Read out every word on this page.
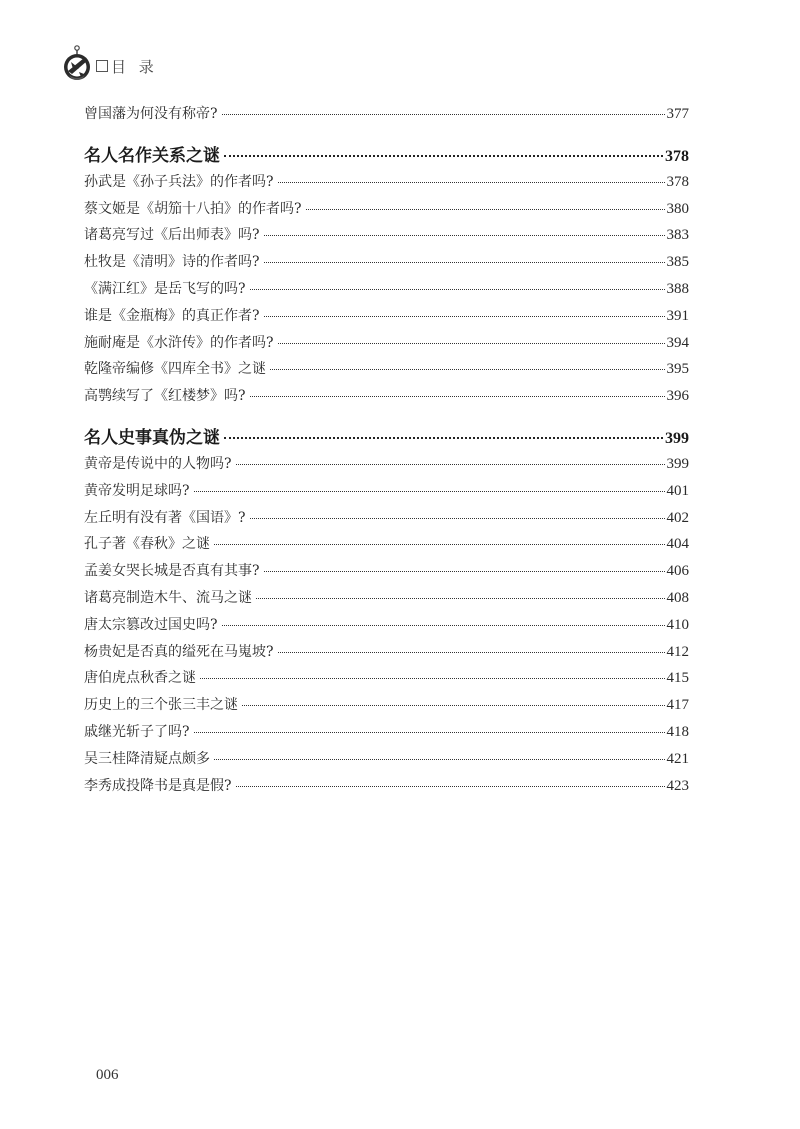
目 录
曾国藩为何没有称帝?	377
名人名作关系之谜	378
孙武是《孙子兵法》的作者吗?	378
蔡文姬是《胡笳十八拍》的作者吗?	380
诸葛亮写过《后出师表》吗?	383
杜牧是《清明》诗的作者吗?	385
《满江红》是岳飞写的吗?	388
谁是《金瓶梅》的真正作者?	391
施耐庵是《水浒传》的作者吗?	394
乾隆帝编修《四库全书》之谜	395
高鹗续写了《红楼梦》吗?	396
名人史事真伪之谜	399
黄帝是传说中的人物吗?	399
黄帝发明足球吗?	401
左丘明有没有著《国语》?	402
孔子著《春秋》之谜	404
孟姜女哭长城是否真有其事?	406
诸葛亮制造木牛、流马之谜	408
唐太宗篡改过国史吗?	410
杨贵妃是否真的缢死在马嵬坡?	412
唐伯虎点秋香之谜	415
历史上的三个张三丰之谜	417
戚继光斩子了吗?	418
吴三桂降清疑点颇多	421
李秀成投降书是真是假?	423
006
